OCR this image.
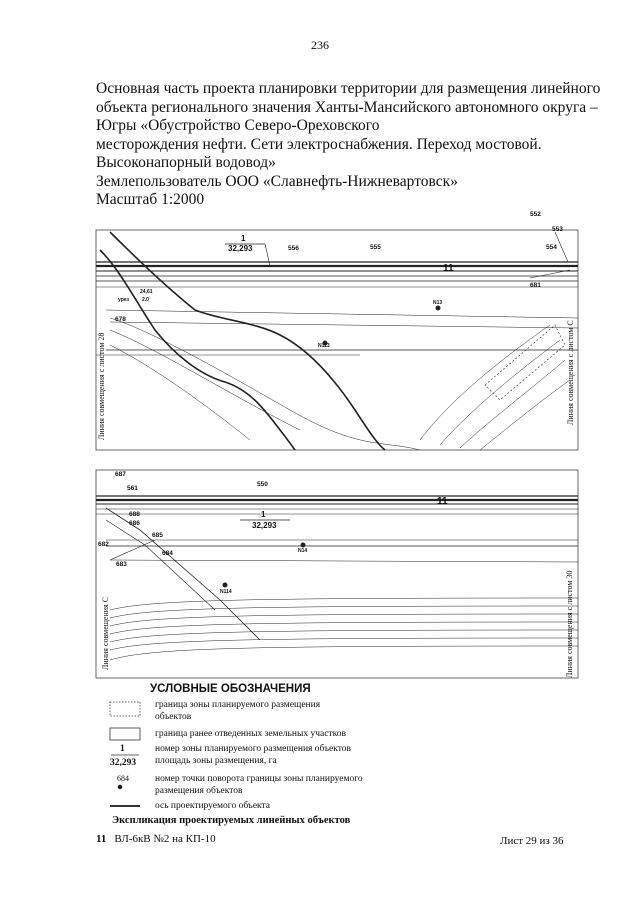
236
Основная часть проекта планировки территории для размещения линейного
объекта регионального значения Ханты-Мансийского автономного округа –
Югры «Обустройство Северо-Ореховского
месторождения нефти. Сети электроснабжения. Переход мостовой.
Высоконапорный водовод»
Землепользователь ООО «Славнефть-Нижневартовск»
Масштаб 1:2000
1
32,293
11
552
553
554
556	555
681
678
N13
N113
урез
24,61
2.0
Линия совмещения с листом 28	Линия совмещения с листом С
1
32,293
11
687
561
550
688
686
685
682
684
683
N14
N114
Линия совмещения С	Линия совмещения с листом 30
УСЛОВНЫЕ ОБОЗНАЧЕНИЯ
граница зоны планируемого размещения
объектов
граница ранее отведенных земельных участков
1
32,293
номер зоны планируемого размещения объектов
площадь зоны размещения, га
684	номер точки поворота границы зоны планируемого
размещения объектов
ось проектируемого объекта
Экспликация проектируемых линейных объектов
11 ВЛ-6кВ №2 на КП-10	Лист 29 из 36
